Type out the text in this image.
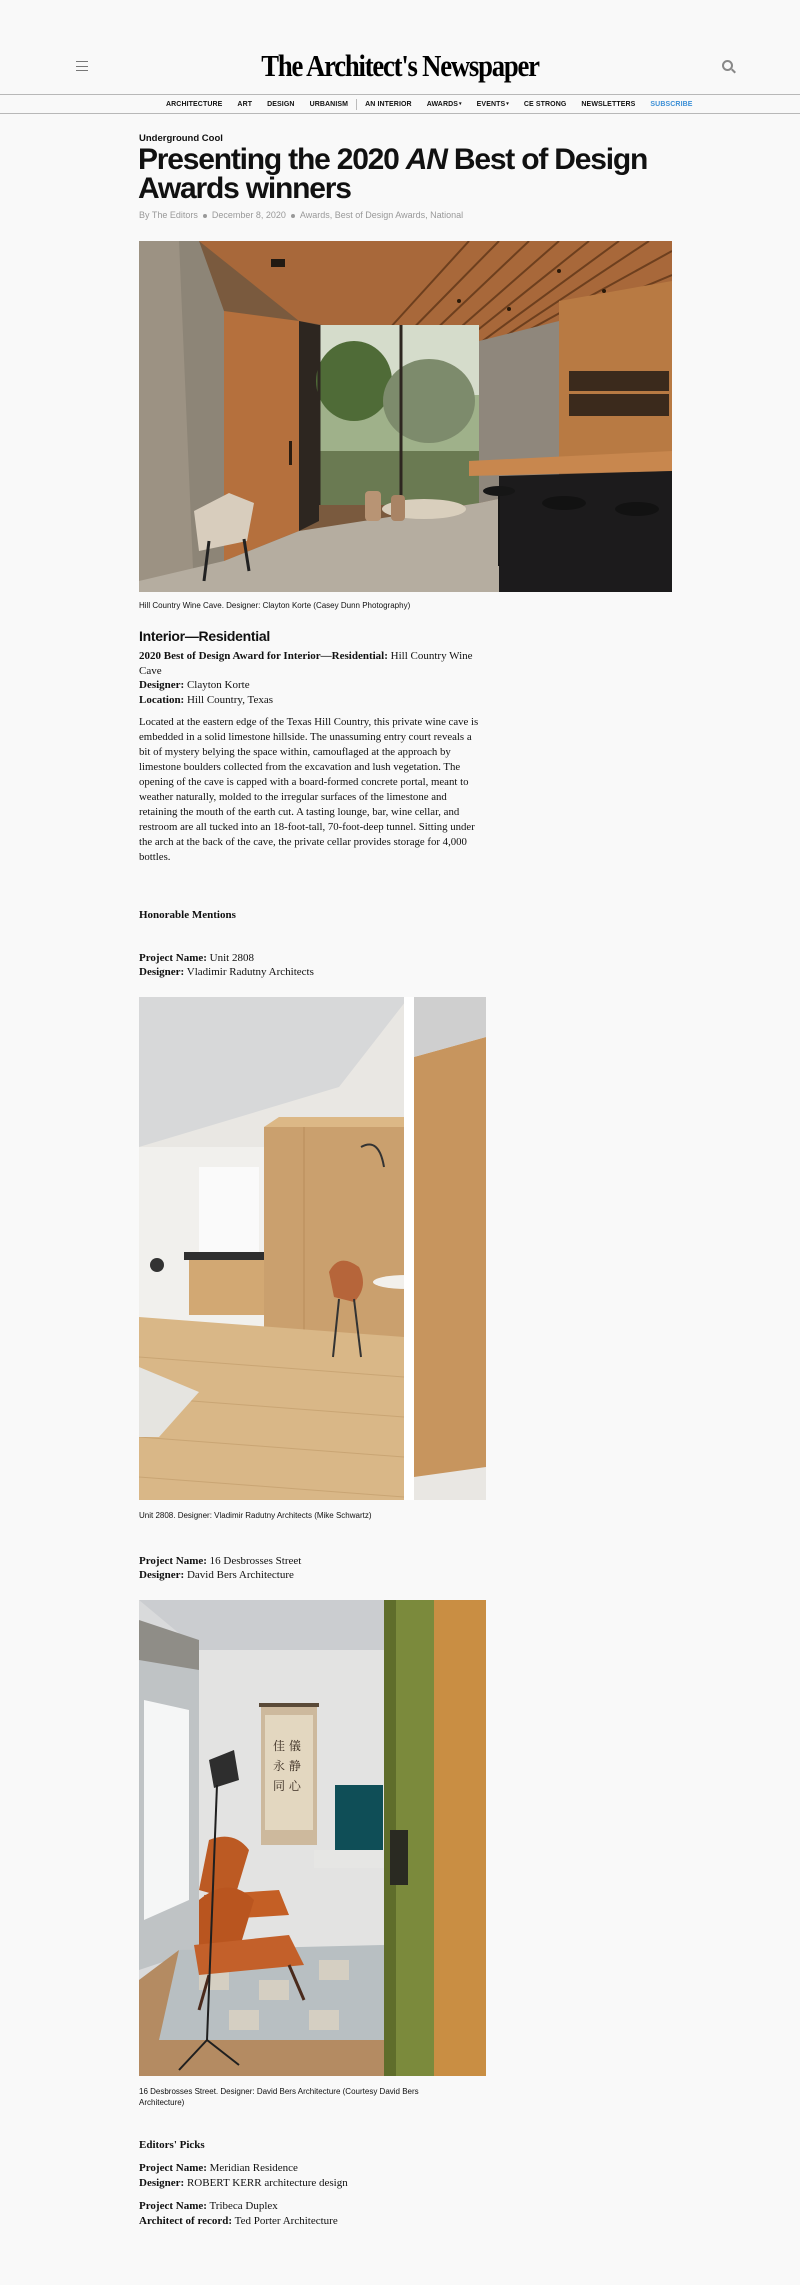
The Architect's Newspaper
ARCHITECTURE ART DESIGN URBANISM AN INTERIOR AWARDS ▾ EVENTS ▾ CE STRONG NEWSLETTERS SUBSCRIBE
Underground Cool
Presenting the 2020 AN Best of Design Awards winners
By The Editors December 8, 2020 Awards, Best of Design Awards, National
Hill Country Wine Cave. Designer: Clayton Korte (Casey Dunn Photography)
Interior—Residential
2020 Best of Design Award for Interior—Residential: Hill Country Wine Cave
Designer: Clayton Korte
Location: Hill Country, Texas

Located at the eastern edge of the Texas Hill Country, this private wine cave is embedded in a solid limestone hillside. The unassuming entry court reveals a bit of mystery belying the space within, camouflaged at the approach by limestone boulders collected from the excavation and lush vegetation. The opening of the cave is capped with a board-formed concrete portal, meant to weather naturally, molded to the irregular surfaces of the limestone and retaining the mouth of the earth cut. A tasting lounge, bar, wine cellar, and restroom are all tucked into an 18-foot-tall, 70-foot-deep tunnel. Sitting under the arch at the back of the cave, the private cellar provides storage for 4,000 bottles.

Honorable Mentions
Project Name: Unit 2808
Designer: Vladimir Radutny Architects
Unit 2808. Designer: Vladimir Radutny Architects (Mike Schwartz)
Project Name: 16 Desbrosses Street
Designer: David Bers Architecture
佳 儀
永 静
同 心
16 Desbrosses Street. Designer: David Bers Architecture (Courtesy David Bers Architecture)
Editors' Picks
Project Name: Meridian Residence
Designer: ROBERT KERR architecture design
Project Name: Tribeca Duplex
Architect of record: Ted Porter Architecture
